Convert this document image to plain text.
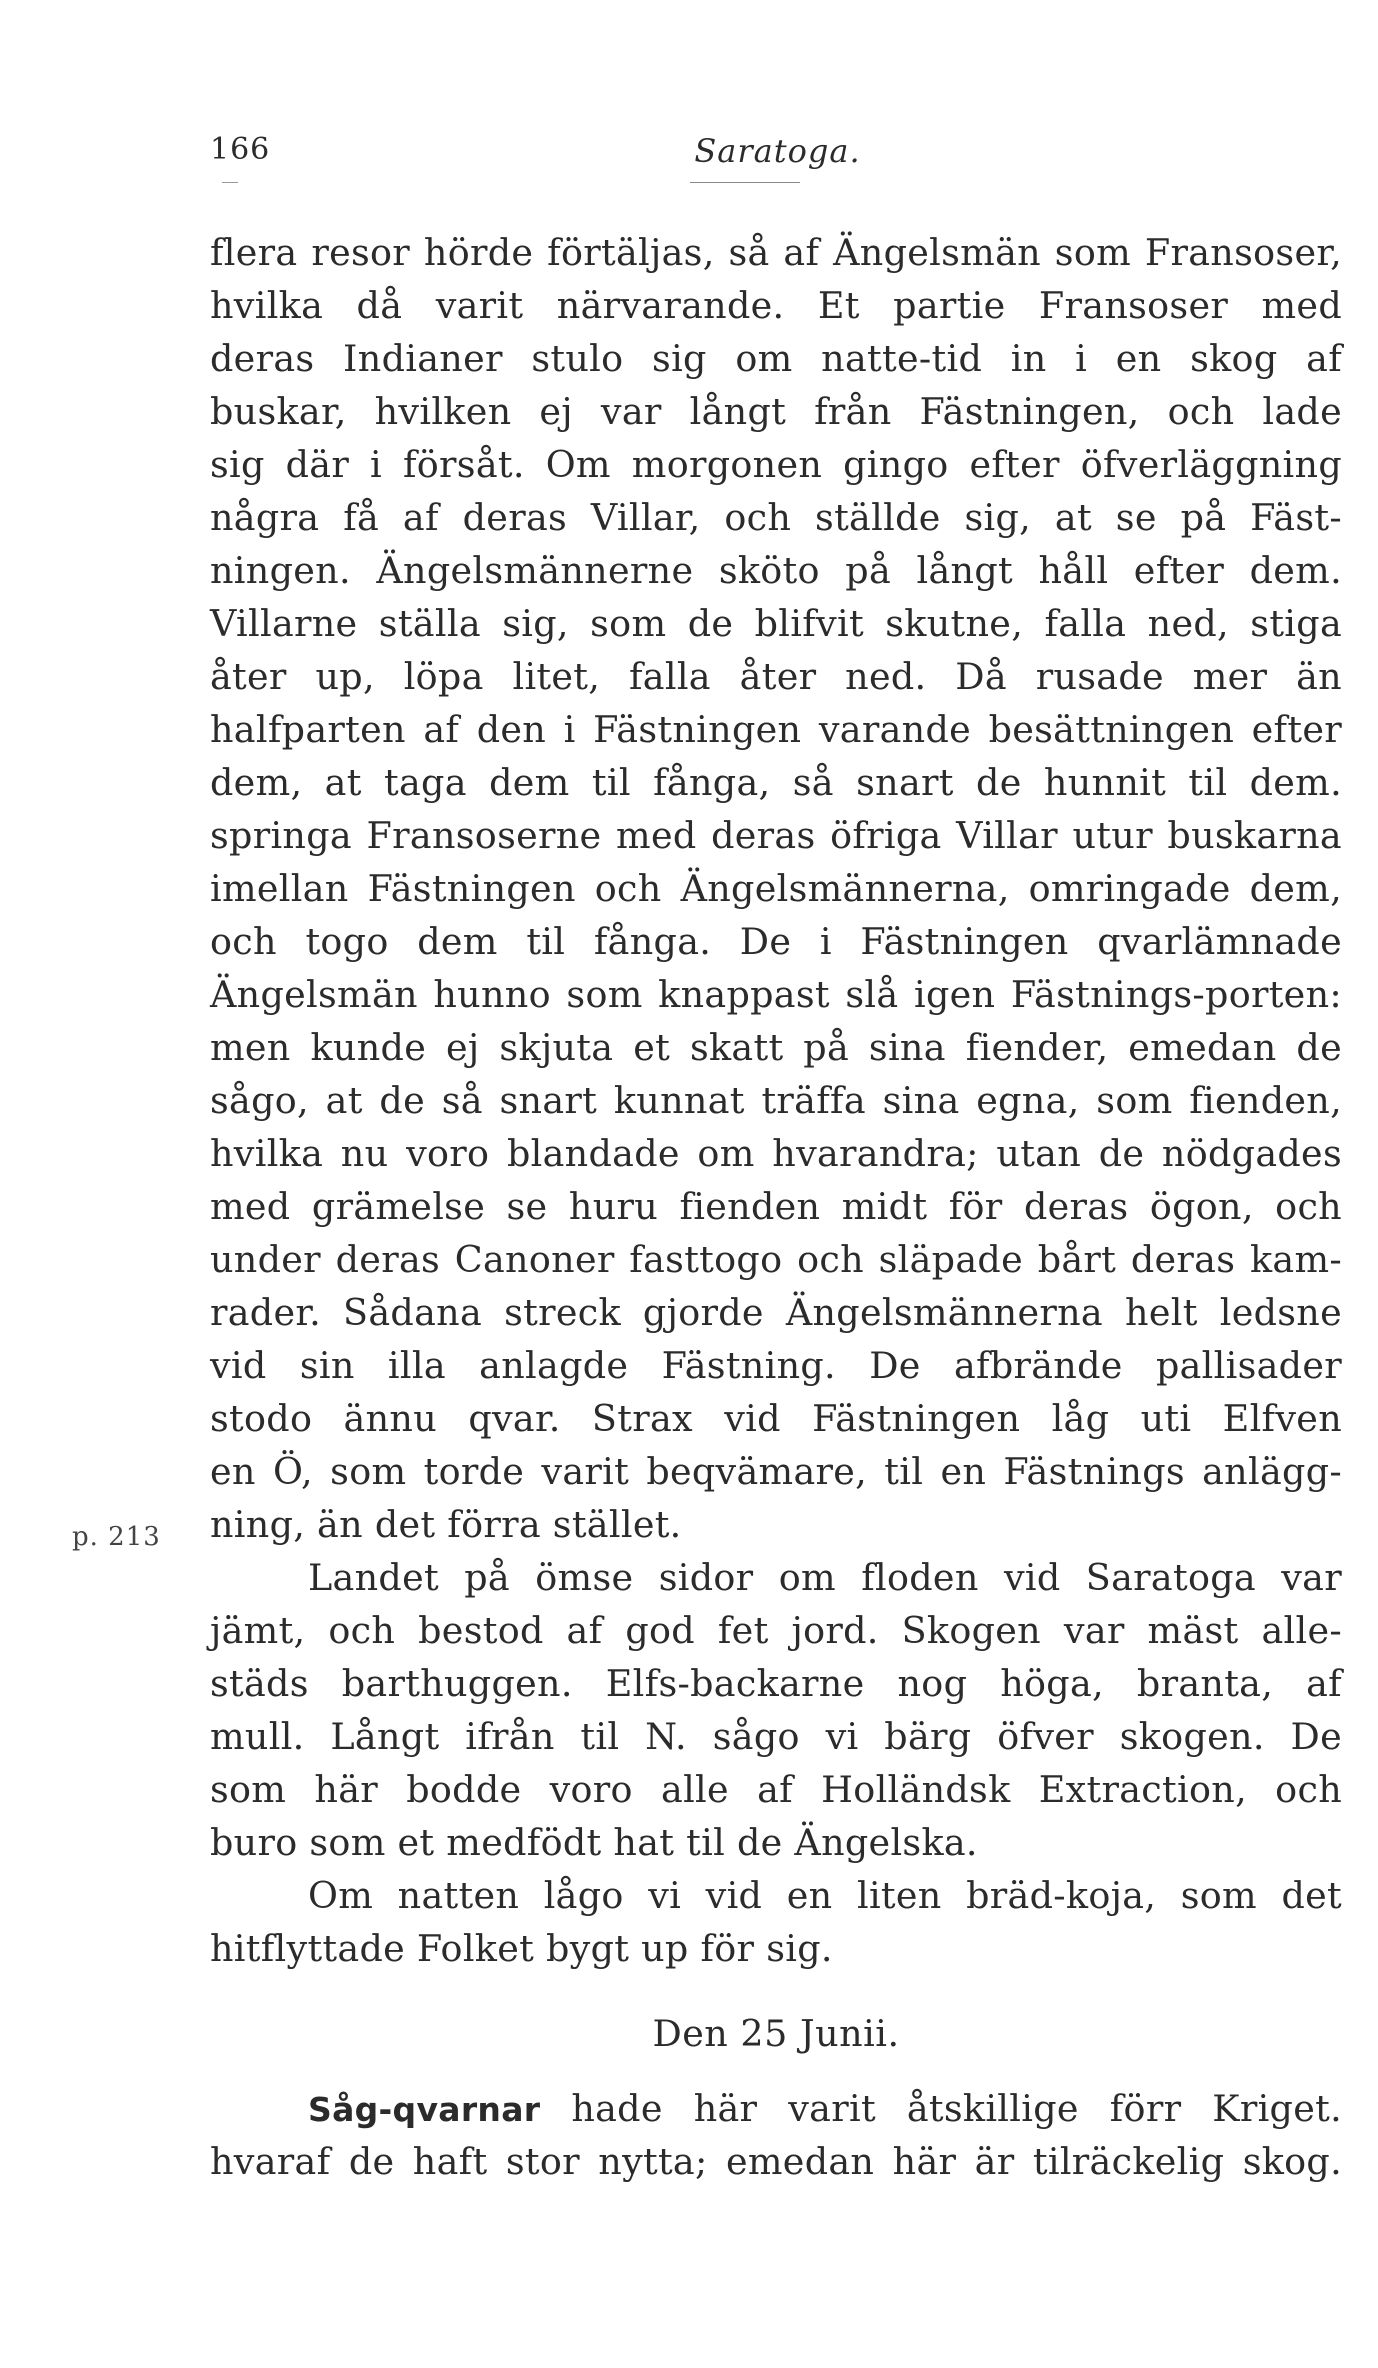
166	Saratoga.
flera resor hörde förtäljas, så af Ängelsmän som Fransoser,
hvilka då varit närvarande. Et partie Fransoser med
deras Indianer stulo sig om natte-tid in i en skog af
buskar, hvilken ej var långt från Fästningen, och lade
sig där i försåt. Om morgonen gingo efter öfverläggning
några få af deras Villar, och ställde sig, at se på Fäst-
ningen. Ängelsmännerne sköto på långt håll efter dem.
Villarne ställa sig, som de blifvit skutne, falla ned, stiga
åter up, löpa litet, falla åter ned. Då rusade mer än
halfparten af den i Fästningen varande besättningen efter
dem, at taga dem til fånga, så snart de hunnit til dem.
springa Fransoserne med deras öfriga Villar utur buskarna
imellan Fästningen och Ängelsmännerna, omringade dem,
och togo dem til fånga. De i Fästningen qvarlämnade
Ängelsmän hunno som knappast slå igen Fästnings-porten:
men kunde ej skjuta et skatt på sina fiender, emedan de
sågo, at de så snart kunnat träffa sina egna, som fienden,
hvilka nu voro blandade om hvarandra; utan de nödgades
med grämelse se huru fienden midt för deras ögon, och
under deras Canoner fasttogo och släpade bårt deras kam-
rader. Sådana streck gjorde Ängelsmännerna helt ledsne
vid sin illa anlagde Fästning. De afbrände pallisader
stodo ännu qvar. Strax vid Fästningen låg uti Elfven
en Ö, som torde varit beqvämare, til en Fästnings anlägg-
ning, än det förra stället.
Landet på ömse sidor om floden vid Saratoga var
jämt, och bestod af god fet jord. Skogen var mäst alle-
städs barthuggen. Elfs-backarne nog höga, branta, af
mull. Långt ifrån til N. sågo vi bärg öfver skogen. De
som här bodde voro alle af Holländsk Extraction, och
buro som et medfödt hat til de Ängelska.
Om natten lågo vi vid en liten bräd-koja, som det
hitflyttade Folket bygt up för sig.
p. 213
Den 25 Junii.
Såg-qvarnar hade här varit åtskillige förr Kriget.
hvaraf de haft stor nytta; emedan här är tilräckelig skog.
